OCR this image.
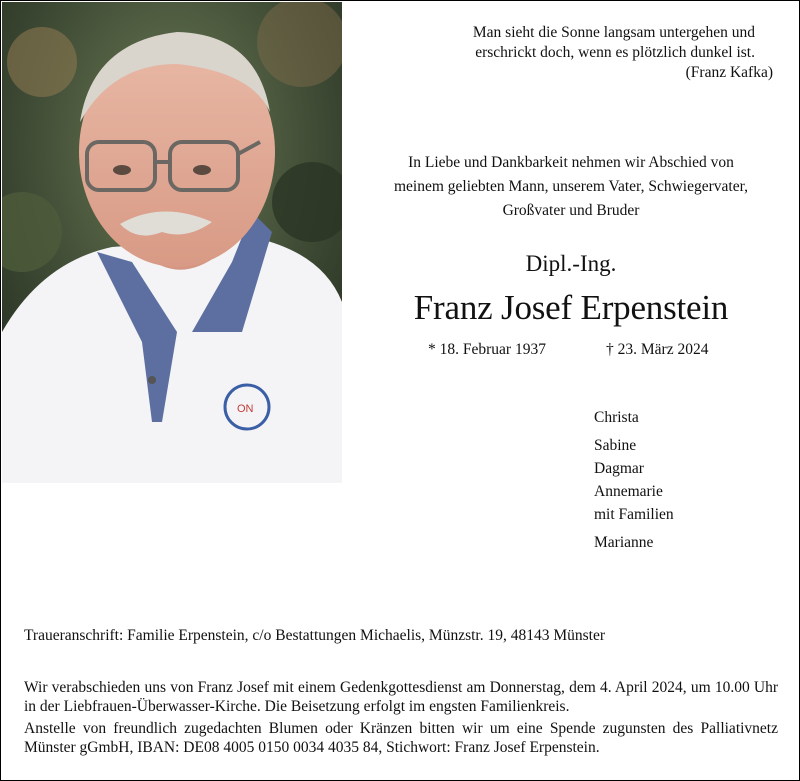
ON
Man sieht die Sonne langsam untergehen und
erschrickt doch, wenn es plötzlich dunkel ist.
(Franz Kafka)
In Liebe und Dankbarkeit nehmen wir Abschied von
meinem geliebten Mann, unserem Vater, Schwiegervater,
Großvater und Bruder
Dipl.-Ing.
Franz Josef Erpenstein
* 18. Februar 1937	† 23. März 2024
Christa
Sabine
Dagmar
Annemarie
mit Familien
Marianne
Traueranschrift: Familie Erpenstein, c/o Bestattungen Michaelis, Münzstr. 19, 48143 Münster
Wir verabschieden uns von Franz Josef mit einem Gedenkgottesdienst am Donnerstag, dem 4. April 2024, um 10.00 Uhr in der Liebfrauen-Überwasser-Kirche. Die Beisetzung erfolgt im engsten Familienkreis.
Anstelle von freundlich zugedachten Blumen oder Kränzen bitten wir um eine Spende zugunsten des Palliativnetz Münster gGmbH, IBAN: DE08 4005 0150 0034 4035 84, Stichwort: Franz Josef Erpenstein.
